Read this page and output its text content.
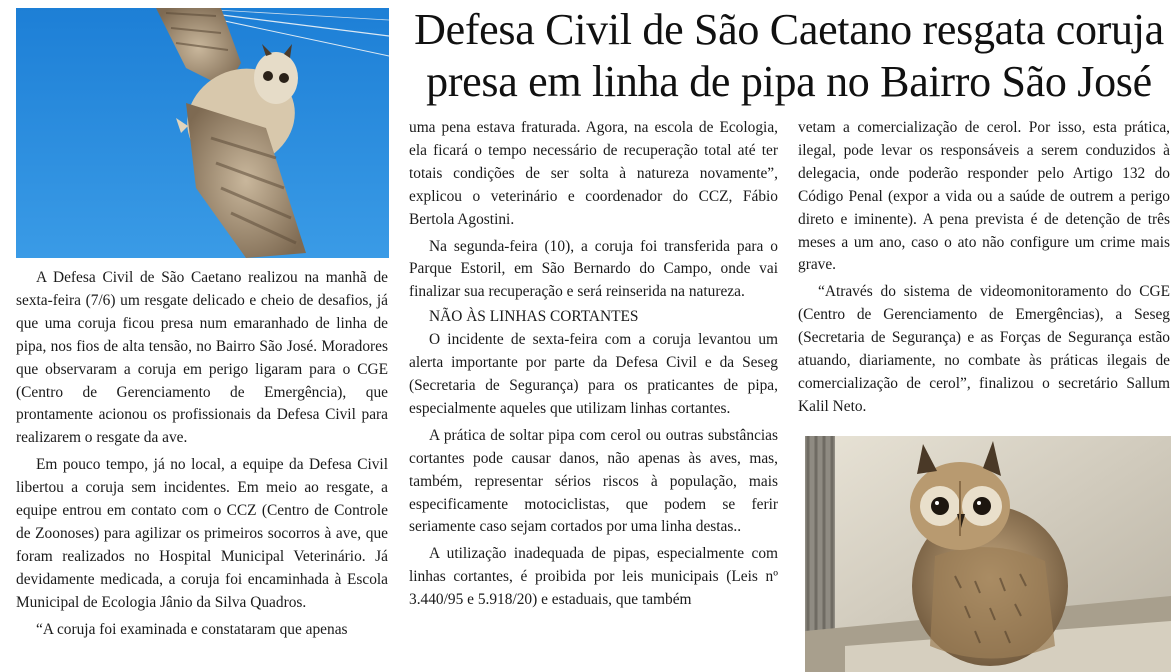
Defesa Civil de São Caetano resgata coruja presa em linha de pipa no Bairro São José

A Defesa Civil de São Caetano realizou na manhã de sexta-feira (7/6) um resgate delicado e cheio de desafios, já que uma coruja ficou presa num emaranhado de linha de pipa, nos fios de alta tensão, no Bairro São José. Moradores que observaram a coruja em perigo ligaram para o CGE (Centro de Gerenciamento de Emergência), que prontamente acionou os profissionais da Defesa Civil para realizarem o resgate da ave.

Em pouco tempo, já no local, a equipe da Defesa Civil libertou a coruja sem incidentes. Em meio ao resgate, a equipe entrou em contato com o CCZ (Centro de Controle de Zoonoses) para agilizar os primeiros socorros à ave, que foram realizados no Hospital Municipal Veterinário. Já devidamente medicada, a coruja foi encaminhada à Escola Municipal de Ecologia Jânio da Silva Quadros.

“A coruja foi examinada e constataram que apenas

uma pena estava fraturada. Agora, na escola de Ecologia, ela ficará o tempo necessário de recuperação total até ter totais condições de ser solta à natureza novamente”, explicou o veterinário e coordenador do CCZ, Fábio Bertola Agostini.

Na segunda-feira (10), a coruja foi transferida para o Parque Estoril, em São Bernardo do Campo, onde vai finalizar sua recuperação e será reinserida na natureza.

NÃO ÀS LINHAS CORTANTES

O incidente de sexta-feira com a coruja levantou um alerta importante por parte da Defesa Civil e da Seseg (Secretaria de Segurança) para os praticantes de pipa, especialmente aqueles que utilizam linhas cortantes.

A prática de soltar pipa com cerol ou outras substâncias cortantes pode causar danos, não apenas às aves, mas, também, representar sérios riscos à população, mais especificamente motociclistas, que podem se ferir seriamente caso sejam cortados por uma linha destas..

A utilização inadequada de pipas, especialmente com linhas cortantes, é proibida por leis municipais (Leis nº 3.440/95 e 5.918/20) e estaduais, que também

vetam a comercialização de cerol. Por isso, esta prática, ilegal, pode levar os responsáveis a serem conduzidos à delegacia, onde poderão responder pelo Artigo 132 do Código Penal (expor a vida ou a saúde de outrem a perigo direto e iminente). A pena prevista é de detenção de três meses a um ano, caso o ato não configure um crime mais grave.

“Através do sistema de videomonitoramento do CGE (Centro de Gerenciamento de Emergências), a Seseg (Secretaria de Segurança) e as Forças de Segurança estão atuando, diariamente, no combate às práticas ilegais de comercialização de cerol”, finalizou o secretário Sallum Kalil Neto.
